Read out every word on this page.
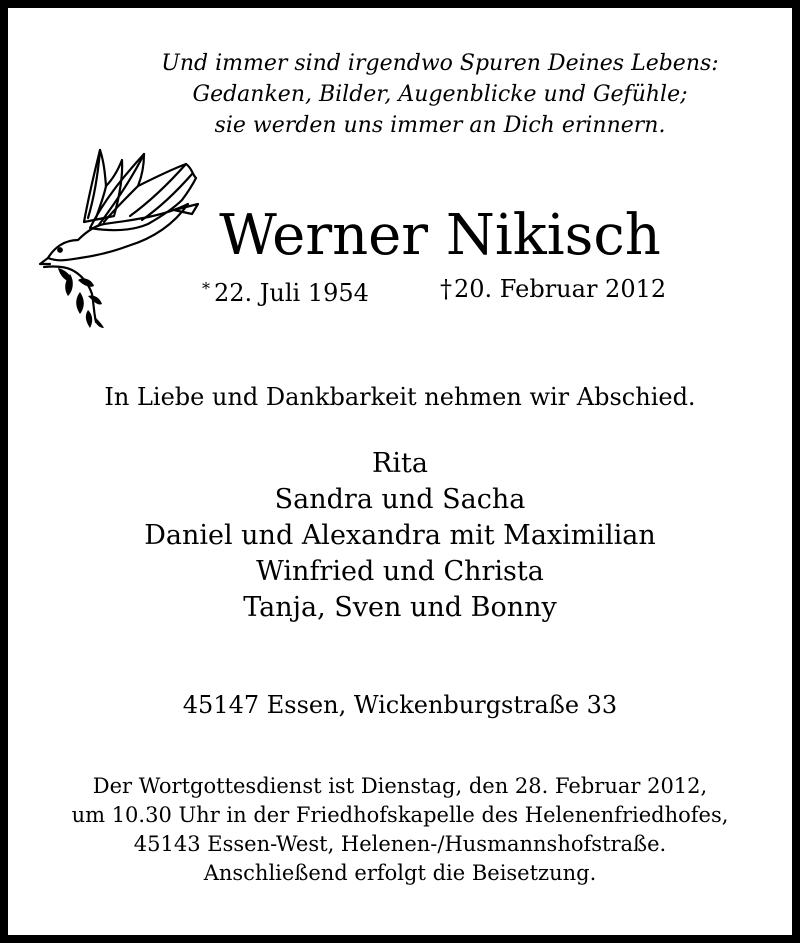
Und immer sind irgendwo Spuren Deines Lebens:
Gedanken, Bilder, Augenblicke und Gefühle;
sie werden uns immer an Dich erinnern.
Werner Nikisch
* 22. Juli 1954	†20. Februar 2012
In Liebe und Dankbarkeit nehmen wir Abschied.
Rita
Sandra und Sacha
Daniel und Alexandra mit Maximilian
Winfried und Christa
Tanja, Sven und Bonny
45147 Essen, Wickenburgstraße 33
Der Wortgottesdienst ist Dienstag, den 28. Februar 2012,
um 10.30 Uhr in der Friedhofskapelle des Helenenfriedhofes,
45143 Essen-West, Helenen-/Husmannshofstraße.
Anschließend erfolgt die Beisetzung.
